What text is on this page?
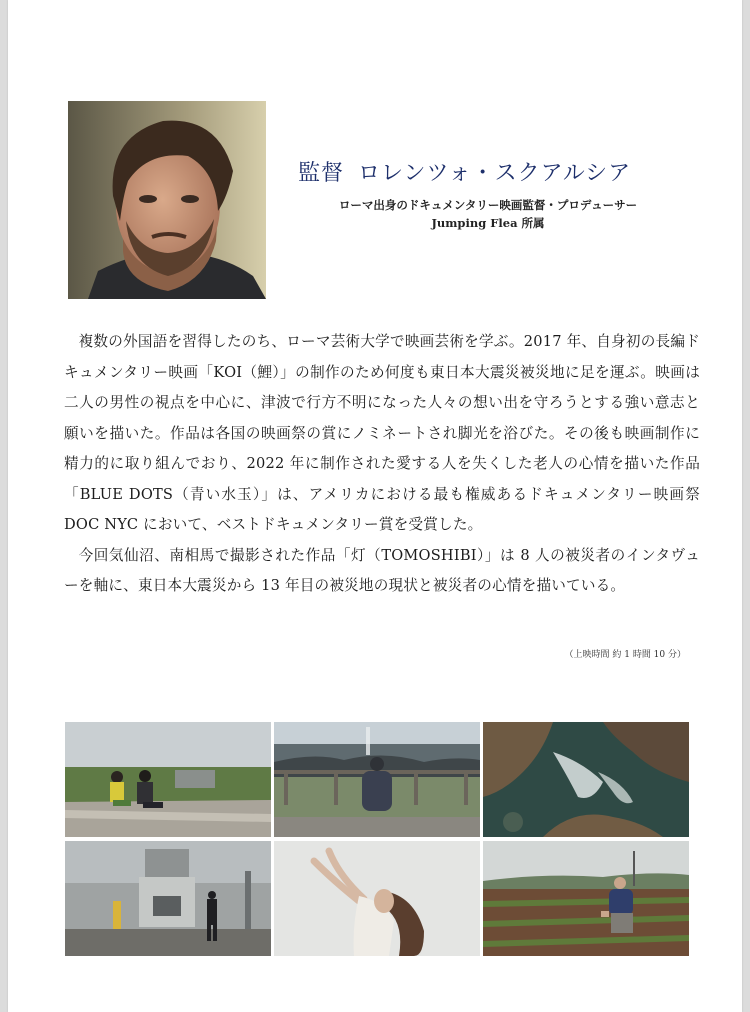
監督 ロレンツォ・スクアルシア
ローマ出身のドキュメンタリー映画監督・プロデューサー
Jumping Flea 所属

複数の外国語を習得したのち、ローマ芸術大学で映画芸術を学ぶ。2017 年、自身初の長編ドキュメンタリー映画「KOI（鯉）」の制作のため何度も東日本大震災被災地に足を運ぶ。映画は二人の男性の視点を中心に、津波で行方不明になった人々の想い出を守ろうとする強い意志と願いを描いた。作品は各国の映画祭の賞にノミネートされ脚光を浴びた。その後も映画制作に精力的に取り組んでおり、2022 年に制作された愛する人を失くした老人の心情を描いた作品「BLUE DOTS（青い水玉）」は、アメリカにおける最も権威あるドキュメンタリー映画祭 DOC NYC において、ベストドキュメンタリー賞を受賞した。

今回気仙沼、南相馬で撮影された作品「灯（TOMOSHIBI）」は 8 人の被災者のインタヴューを軸に、東日本大震災から 13 年目の被災地の現状と被災者の心情を描いている。

（上映時間 約 1 時間 10 分）
